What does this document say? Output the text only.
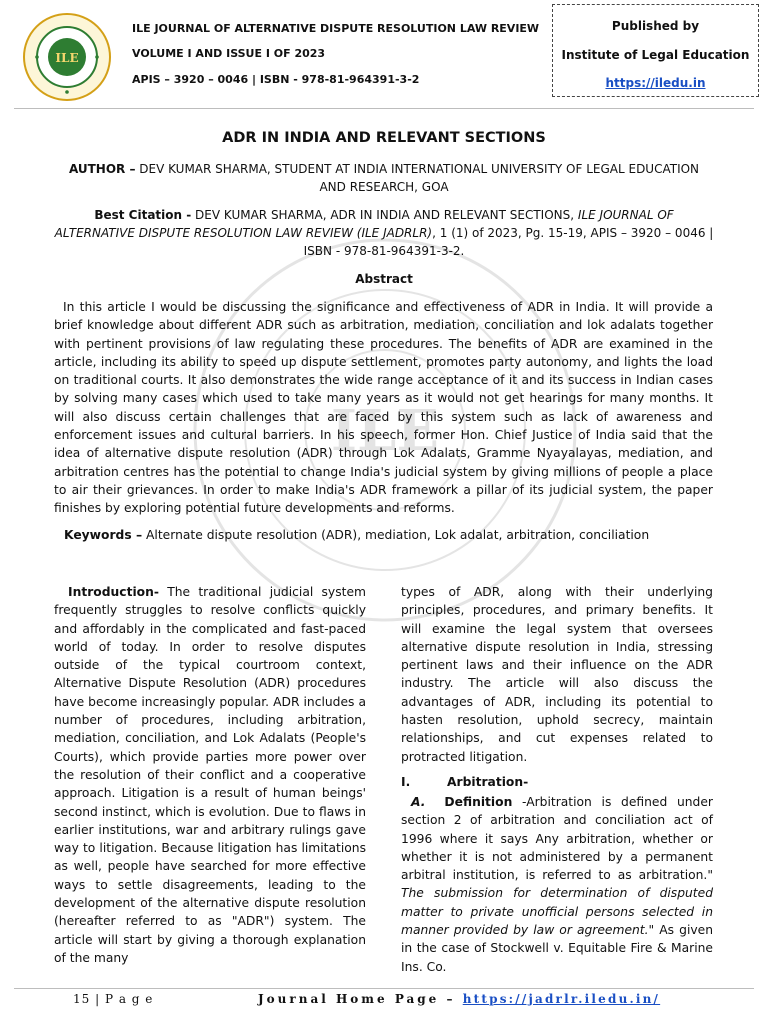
ILE
ILE
ILE JOURNAL OF ALTERNATIVE DISPUTE RESOLUTION LAW REVIEW
VOLUME I AND ISSUE I OF 2023
APIS – 3920 – 0046 | ISBN - 978-81-964391-3-2
Published by
Institute of Legal Education
https://iledu.in
ADR IN INDIA AND RELEVANT SECTIONS
AUTHOR – DEV KUMAR SHARMA, STUDENT AT INDIA INTERNATIONAL UNIVERSITY OF LEGAL EDUCATION
AND RESEARCH, GOA
Best Citation - DEV KUMAR SHARMA, ADR IN INDIA AND RELEVANT SECTIONS, ILE JOURNAL OF
ALTERNATIVE DISPUTE RESOLUTION LAW REVIEW (ILE JADRLR), 1 (1) of 2023, Pg. 15-19, APIS – 3920 – 0046 |
ISBN - 978-81-964391-3-2.
Abstract
In this article I would be discussing the significance and effectiveness of ADR in India. It will provide a brief knowledge about different ADR such as arbitration, mediation, conciliation and lok adalats together with pertinent provisions of law regulating these procedures. The benefits of ADR are examined in the article, including its ability to speed up dispute settlement, promotes party autonomy, and lights the load on traditional courts. It also demonstrates the wide range acceptance of it and its success in Indian cases by solving many cases which used to take many years as it would not get hearings for many months. It will also discuss certain challenges that are faced by this system such as lack of awareness and enforcement issues and cultural barriers. In his speech, former Hon. Chief Justice of India said that the idea of alternative dispute resolution (ADR) through Lok Adalats, Gramme Nyayalayas, mediation, and arbitration centres has the potential to change India's judicial system by giving millions of people a place to air their grievances. In order to make India's ADR framework a pillar of its judicial system, the paper finishes by exploring potential future developments and reforms.
Keywords – Alternate dispute resolution (ADR), mediation, Lok adalat, arbitration, conciliation
Introduction- The traditional judicial system frequently struggles to resolve conflicts quickly and affordably in the complicated and fast-paced world of today. In order to resolve disputes outside of the typical courtroom context, Alternative Dispute Resolution (ADR) procedures have become increasingly popular. ADR includes a number of procedures, including arbitration, mediation, conciliation, and Lok Adalats (People's Courts), which provide parties more power over the resolution of their conflict and a cooperative approach. Litigation is a result of human beings' second instinct, which is evolution. Due to flaws in earlier institutions, war and arbitrary rulings gave way to litigation. Because litigation has limitations as well, people have searched for more effective ways to settle disagreements, leading to the development of the alternative dispute resolution (hereafter referred to as "ADR") system. The article will start by giving a thorough explanation of the many
types of ADR, along with their underlying principles, procedures, and primary benefits. It will examine the legal system that oversees alternative dispute resolution in India, stressing pertinent laws and their influence on the ADR industry. The article will also discuss the advantages of ADR, including its potential to hasten resolution, uphold secrecy, maintain relationships, and cut expenses related to protracted litigation.
I.	Arbitration-
A. Definition -Arbitration is defined under section 2 of arbitration and conciliation act of 1996 where it says Any arbitration, whether or whether it is not administered by a permanent arbitral institution, is referred to as arbitration." The submission for determination of disputed matter to private unofficial persons selected in manner provided by law or agreement." As given in the case of Stockwell v. Equitable Fire & Marine Ins. Co.
15 | P a g e	Journal Home Page – https://jadrlr.iledu.in/
